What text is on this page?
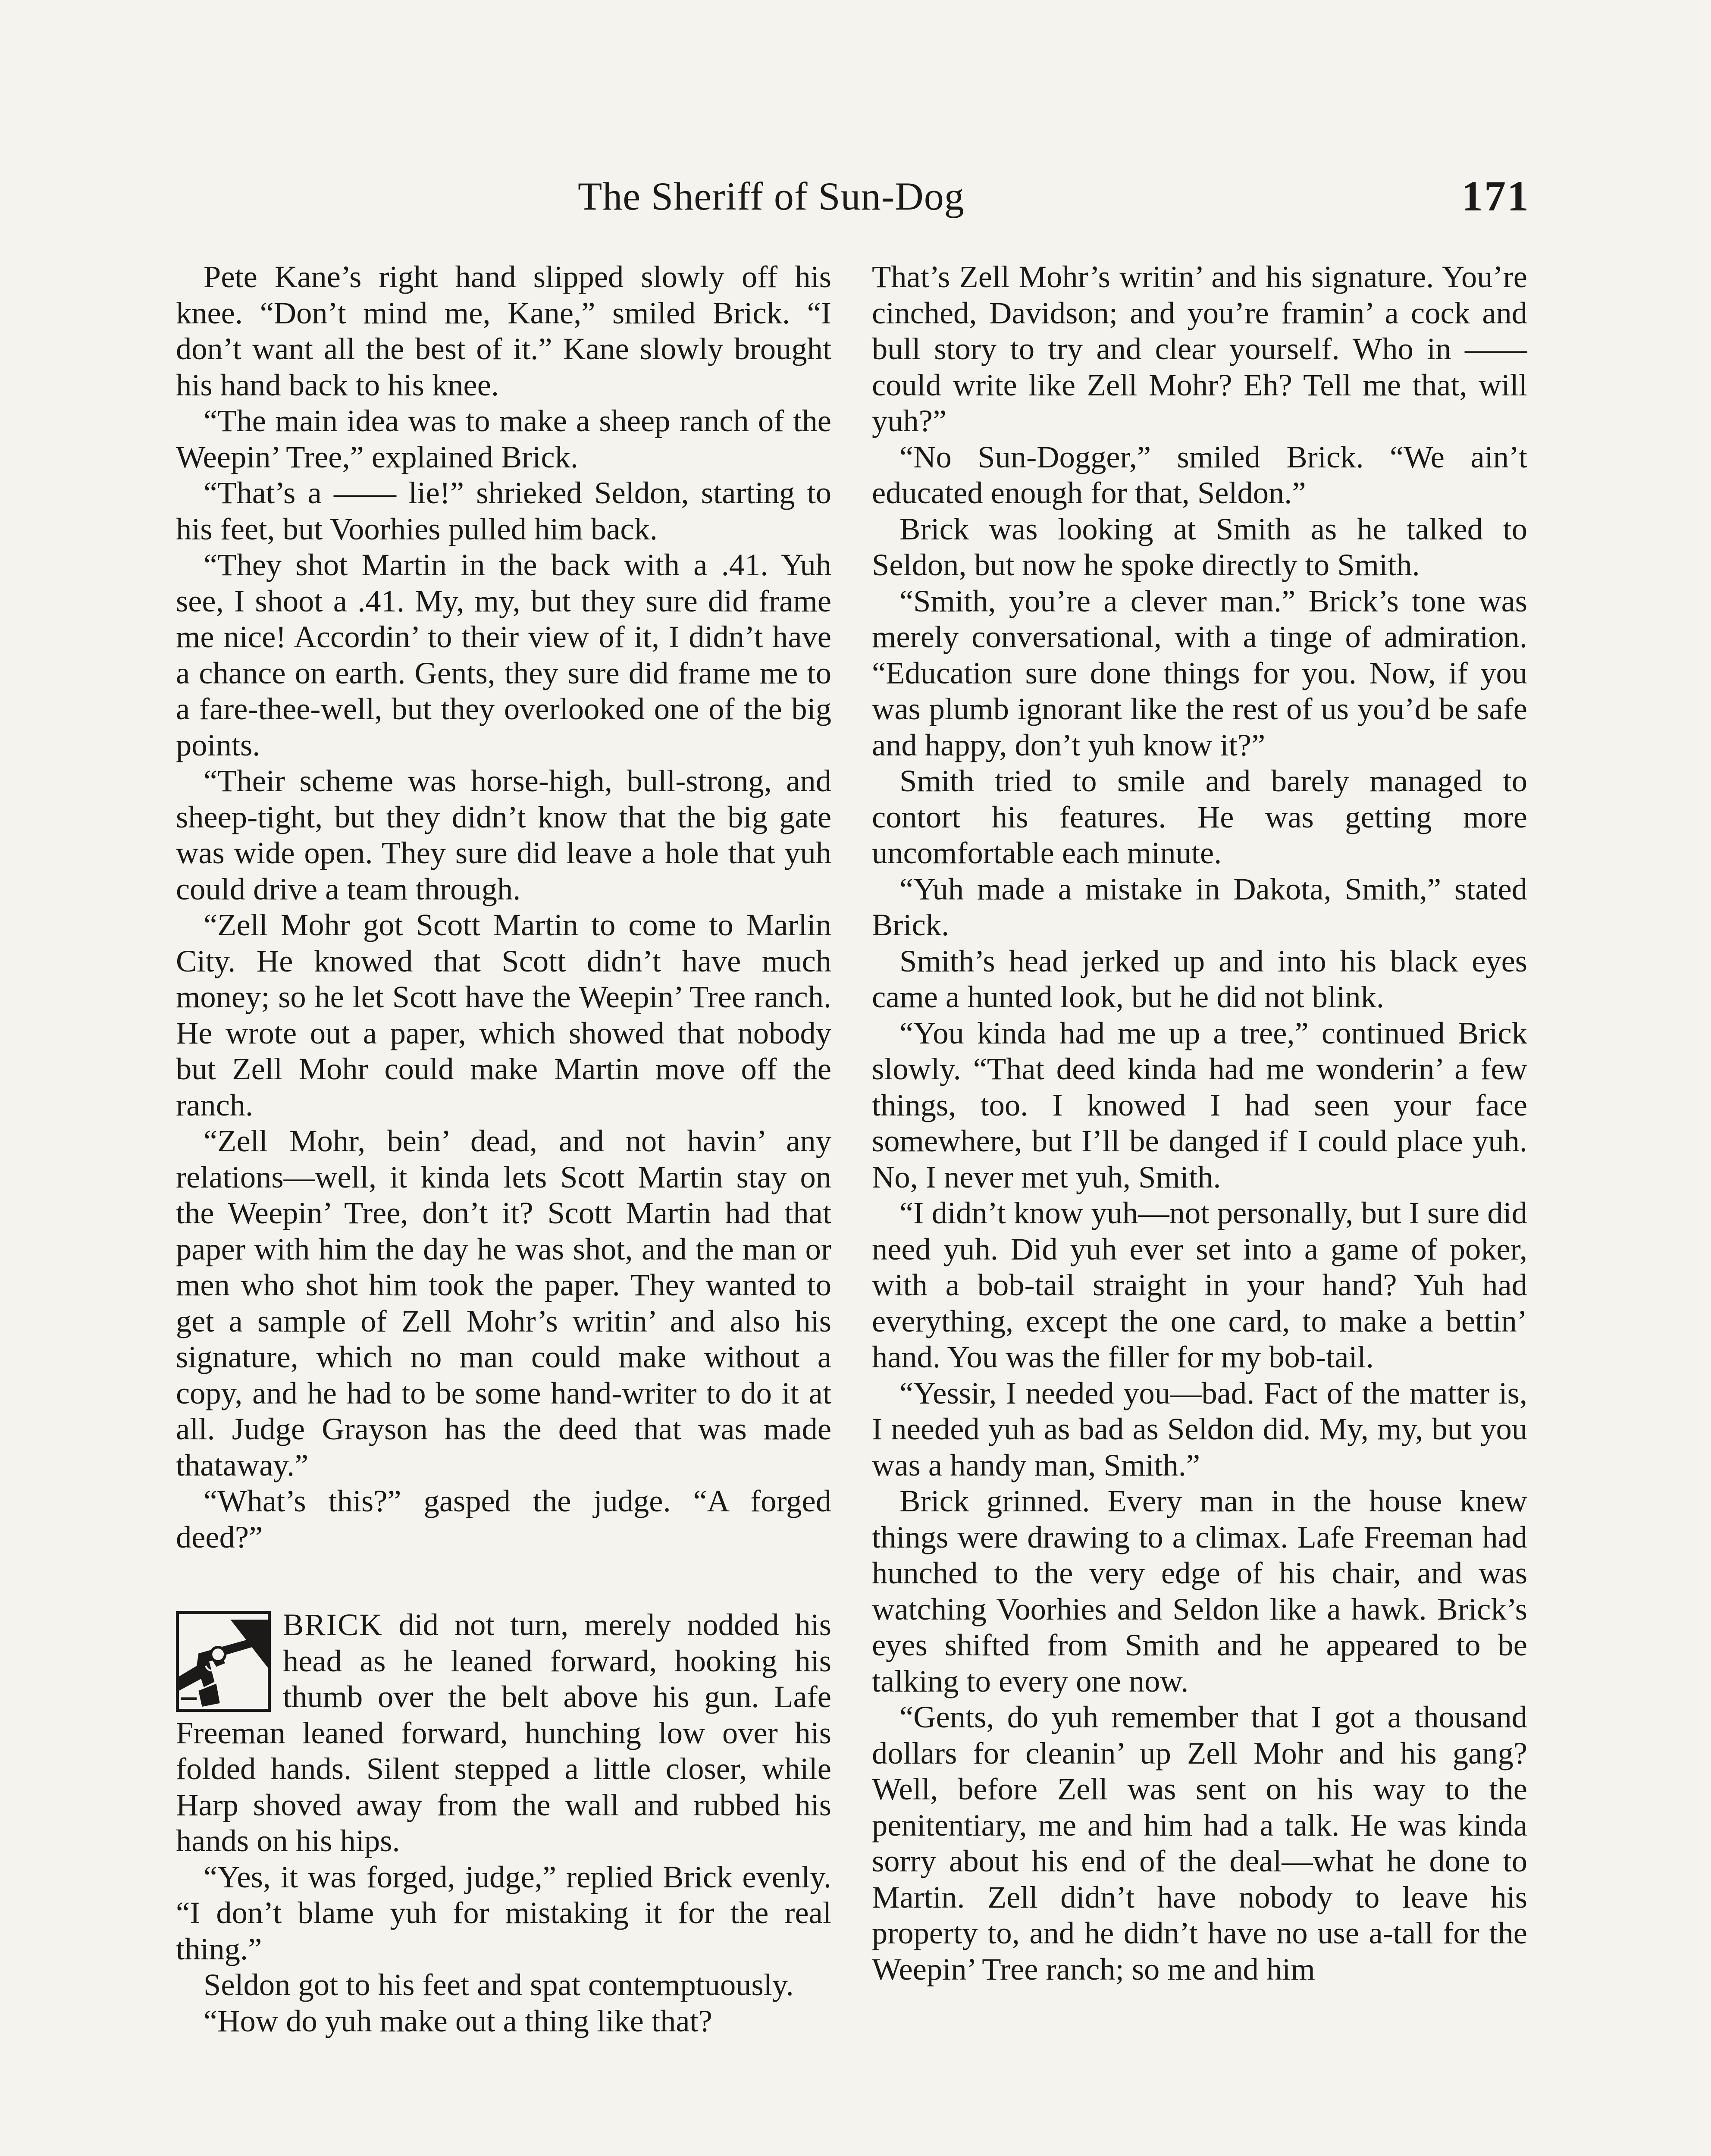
The Sheriff of Sun-Dog	171

Pete Kane’s right hand slipped slowly off his knee. “Don’t mind me, Kane,” smiled Brick. “I don’t want all the best of it.” Kane slowly brought his hand back to his knee.

“The main idea was to make a sheep ranch of the Weepin’ Tree,” explained Brick.

“That’s a —— lie!” shrieked Seldon, starting to his feet, but Voorhies pulled him back.

“They shot Martin in the back with a .41. Yuh see, I shoot a .41. My, my, but they sure did frame me nice! Accordin’ to their view of it, I didn’t have a chance on earth. Gents, they sure did frame me to a fare-thee-well, but they overlooked one of the big points.

“Their scheme was horse-high, bull-strong, and sheep-tight, but they didn’t know that the big gate was wide open. They sure did leave a hole that yuh could drive a team through.

“Zell Mohr got Scott Martin to come to Marlin City. He knowed that Scott didn’t have much money; so he let Scott have the Weepin’ Tree ranch. He wrote out a paper, which showed that nobody but Zell Mohr could make Martin move off the ranch.

“Zell Mohr, bein’ dead, and not havin’ any relations—well, it kinda lets Scott Martin stay on the Weepin’ Tree, don’t it? Scott Martin had that paper with him the day he was shot, and the man or men who shot him took the paper. They wanted to get a sample of Zell Mohr’s writin’ and also his signature, which no man could make without a copy, and he had to be some hand-writer to do it at all. Judge Grayson has the deed that was made thataway.”

“What’s this?” gasped the judge. “A forged deed?”

BRICK did not turn, merely nodded his head as he leaned forward, hooking his thumb over the belt above his gun. Lafe Freeman leaned forward, hunching low over his folded hands. Silent stepped a little closer, while Harp shoved away from the wall and rubbed his hands on his hips.

“Yes, it was forged, judge,” replied Brick evenly. “I don’t blame yuh for mistaking it for the real thing.”

Seldon got to his feet and spat contemptuously.

“How do yuh make out a thing like that?

That’s Zell Mohr’s writin’ and his signature. You’re cinched, Davidson; and you’re framin’ a cock and bull story to try and clear yourself. Who in —— could write like Zell Mohr? Eh? Tell me that, will yuh?”

“No Sun-Dogger,” smiled Brick. “We ain’t educated enough for that, Seldon.”

Brick was looking at Smith as he talked to Seldon, but now he spoke directly to Smith.

“Smith, you’re a clever man.” Brick’s tone was merely conversational, with a tinge of admiration. “Education sure done things for you. Now, if you was plumb ignorant like the rest of us you’d be safe and happy, don’t yuh know it?”

Smith tried to smile and barely managed to contort his features. He was getting more uncomfortable each minute.

“Yuh made a mistake in Dakota, Smith,” stated Brick.

Smith’s head jerked up and into his black eyes came a hunted look, but he did not blink.

“You kinda had me up a tree,” continued Brick slowly. “That deed kinda had me wonderin’ a few things, too. I knowed I had seen your face somewhere, but I’ll be danged if I could place yuh. No, I never met yuh, Smith.

“I didn’t know yuh—not personally, but I sure did need yuh. Did yuh ever set into a game of poker, with a bob-tail straight in your hand? Yuh had everything, except the one card, to make a bettin’ hand. You was the filler for my bob-tail.

“Yessir, I needed you—bad. Fact of the matter is, I needed yuh as bad as Seldon did. My, my, but you was a handy man, Smith.”

Brick grinned. Every man in the house knew things were drawing to a climax. Lafe Freeman had hunched to the very edge of his chair, and was watching Voorhies and Seldon like a hawk. Brick’s eyes shifted from Smith and he appeared to be talking to every one now.

“Gents, do yuh remember that I got a thousand dollars for cleanin’ up Zell Mohr and his gang? Well, before Zell was sent on his way to the penitentiary, me and him had a talk. He was kinda sorry about his end of the deal—what he done to Martin. Zell didn’t have nobody to leave his property to, and he didn’t have no use a-tall for the Weepin’ Tree ranch; so me and him
